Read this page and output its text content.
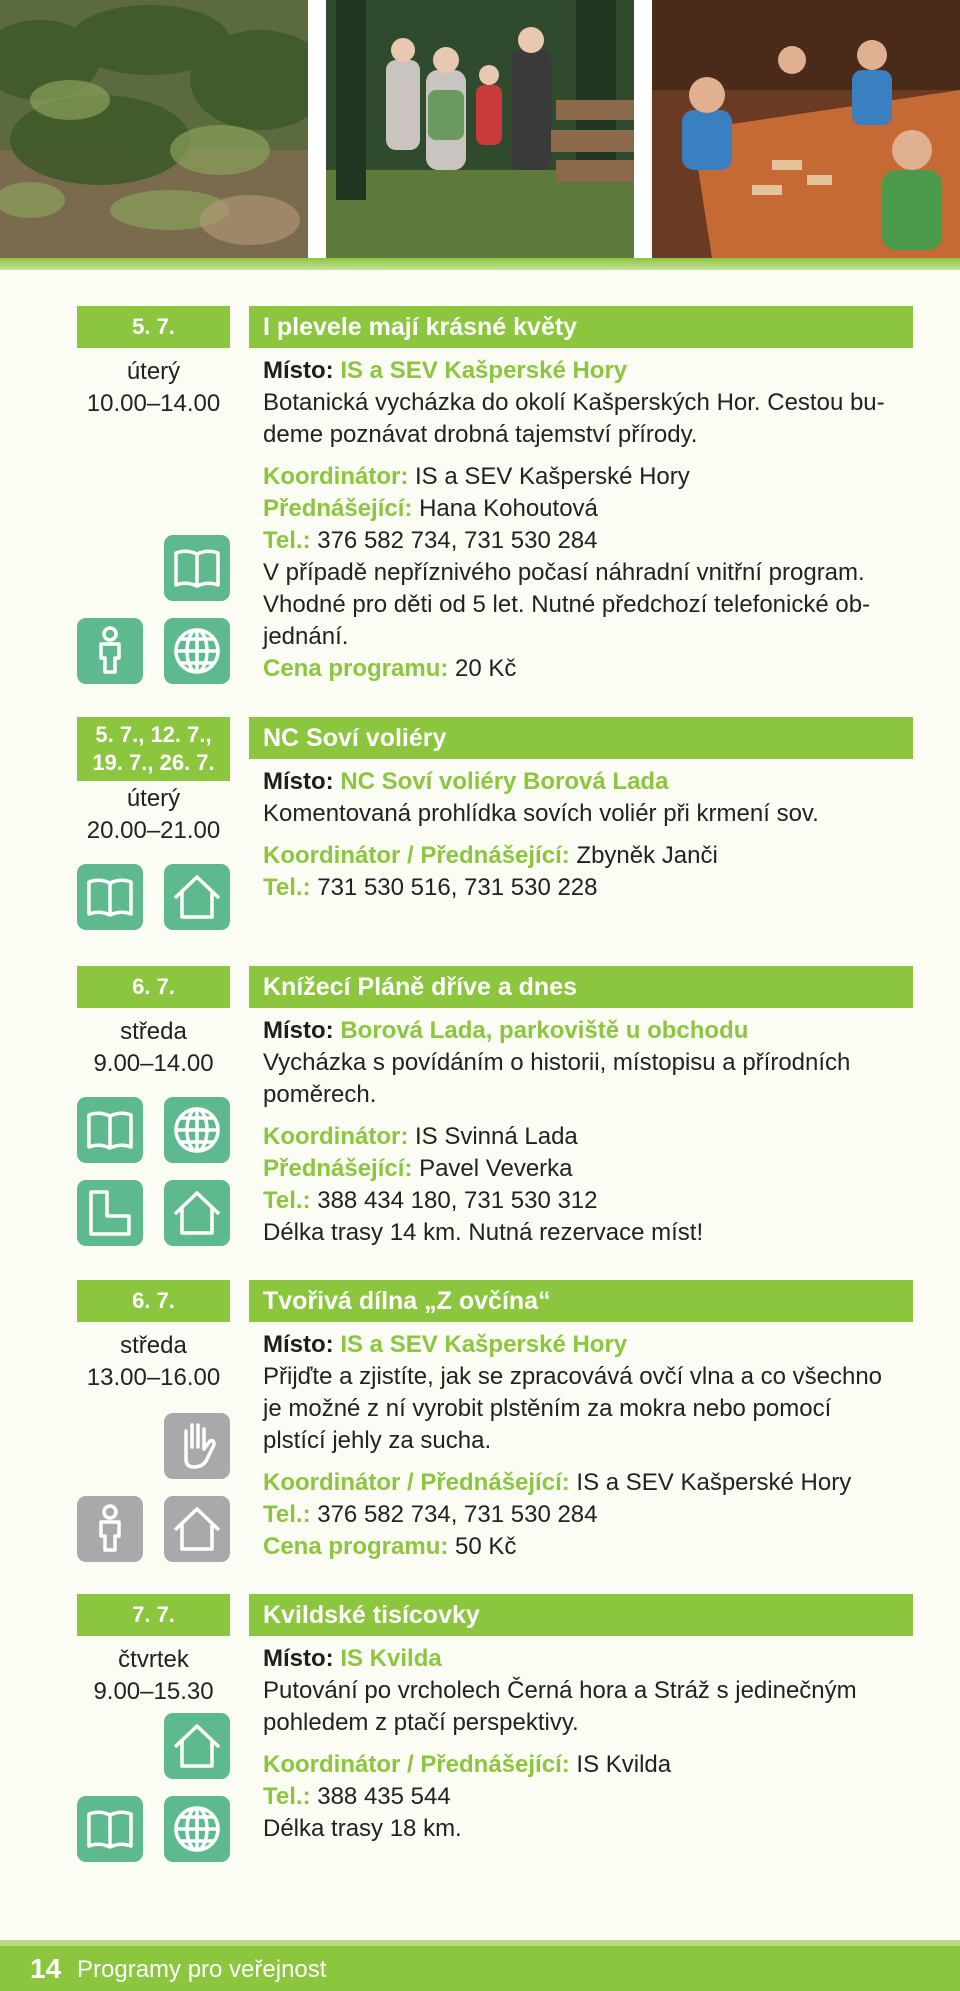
5. 7.
úterý
10.00–14.00
I plevele mají krásné květy
Místo: IS a SEV Kašperské Hory
Botanická vycházka do okolí Kašperských Hor. Cestou bu-
deme poznávat drobná tajemství přírody.
Koordinátor: IS a SEV Kašperské Hory
Přednášející: Hana Kohoutová
Tel.: 376 582 734, 731 530 284
V případě nepříznivého počasí náhradní vnitřní program.
Vhodné pro děti od 5 let. Nutné předchozí telefonické ob-
jednání.
Cena programu: 20 Kč
5. 7., 12. 7.,
19. 7., 26. 7.
úterý
20.00–21.00
NC Soví voliéry
Místo: NC Soví voliéry Borová Lada
Komentovaná prohlídka sovích voliér při krmení sov.
Koordinátor / Přednášející: Zbyněk Janči
Tel.: 731 530 516, 731 530 228
6. 7.
středa
9.00–14.00
Knížecí Pláně dříve a dnes
Místo: Borová Lada, parkoviště u obchodu
Vycházka s povídáním o historii, místopisu a přírodních
poměrech.
Koordinátor: IS Svinná Lada
Přednášející: Pavel Veverka
Tel.: 388 434 180, 731 530 312
Délka trasy 14 km. Nutná rezervace míst!
6. 7.
středa
13.00–16.00
Tvořivá dílna „Z ovčína“
Místo: IS a SEV Kašperské Hory
Přijďte a zjistíte, jak se zpracovává ovčí vlna a co všechno
je možné z ní vyrobit plstěním za mokra nebo pomocí
plstící jehly za sucha.
Koordinátor / Přednášející: IS a SEV Kašperské Hory
Tel.: 376 582 734, 731 530 284
Cena programu: 50 Kč
7. 7.
čtvrtek
9.00–15.30
Kvildské tisícovky
Místo: IS Kvilda
Putování po vrcholech Černá hora a Stráž s jedinečným
pohledem z ptačí perspektivy.
Koordinátor / Přednášející: IS Kvilda
Tel.: 388 435 544
Délka trasy 18 km.
14 Programy pro veřejnost
